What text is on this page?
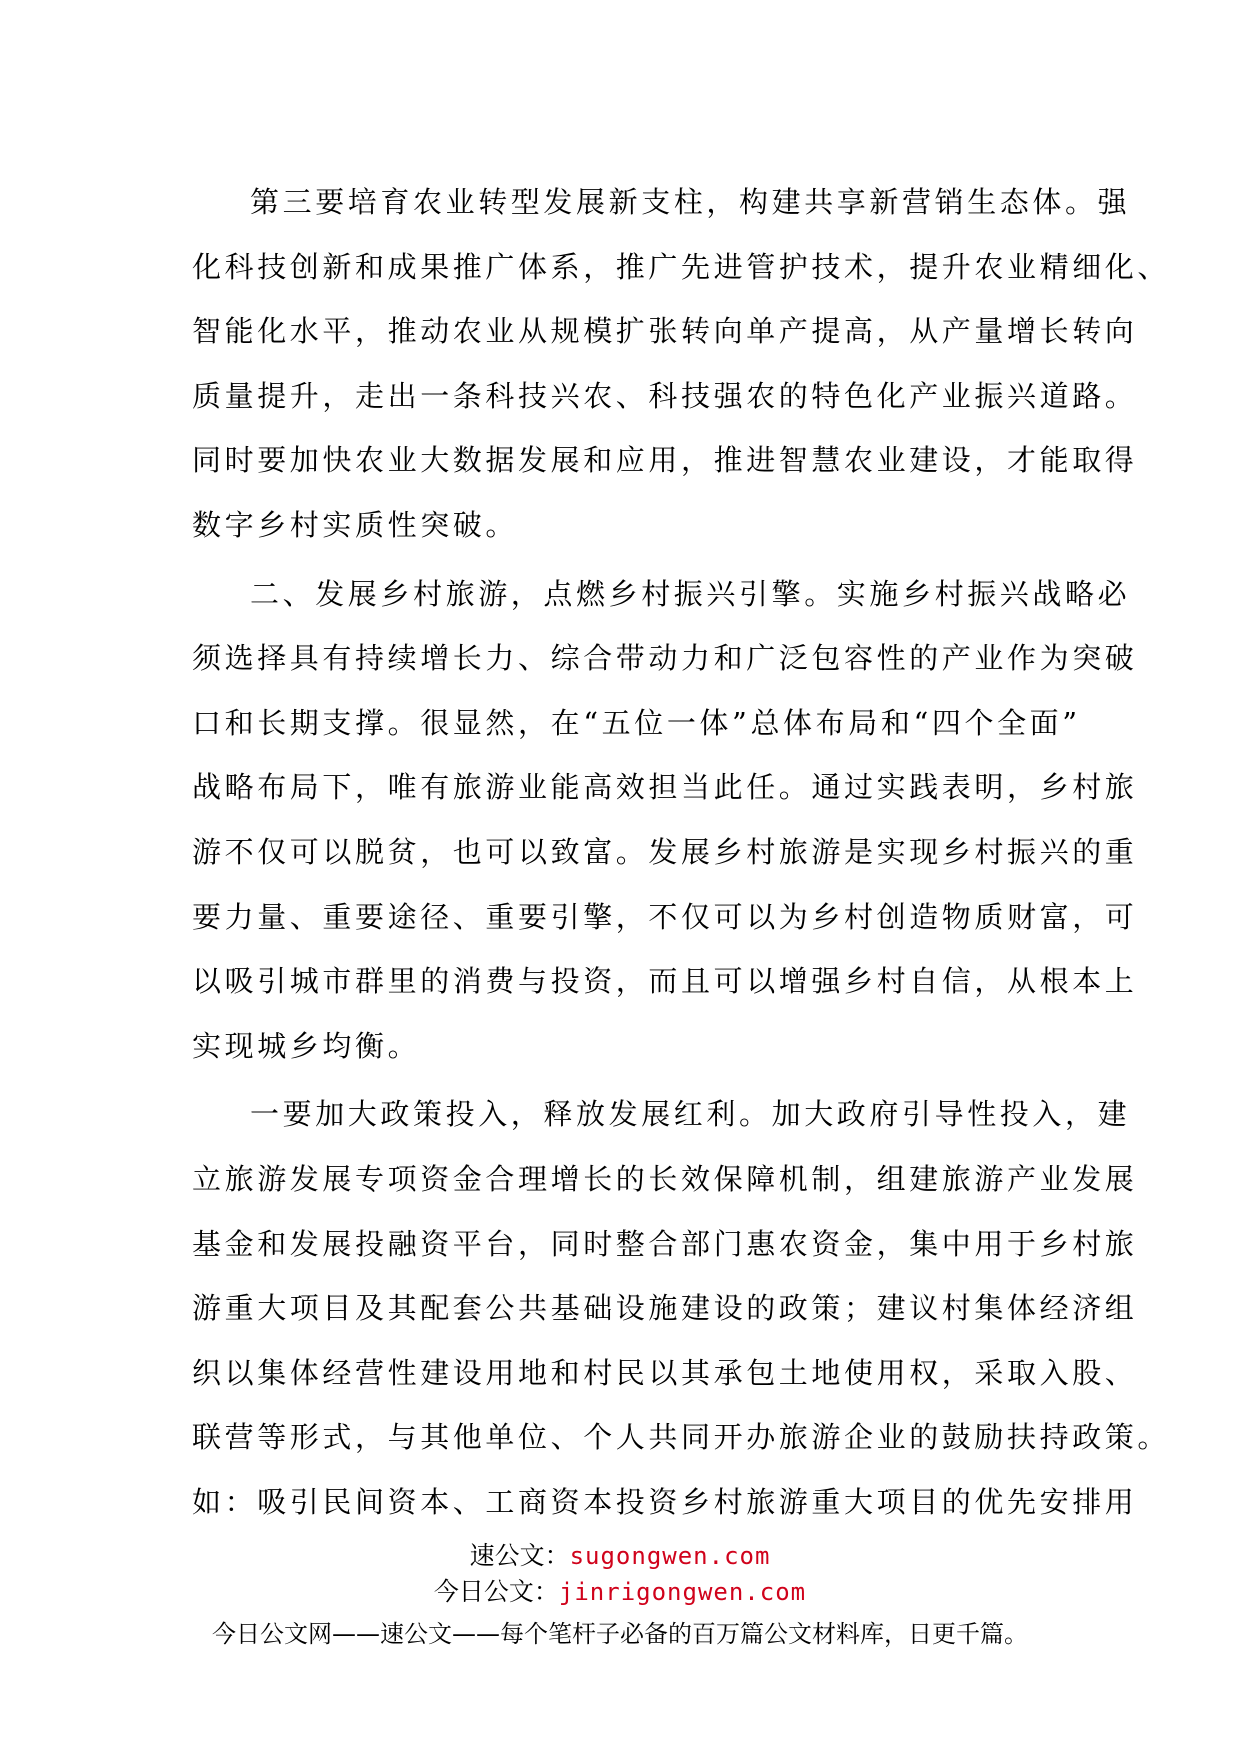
第三要培育农业转型发展新支柱，构建共享新营销生态体。强
化科技创新和成果推广体系，推广先进管护技术，提升农业精细化、
智能化水平，推动农业从规模扩张转向单产提高，从产量增长转向
质量提升，走出一条科技兴农、科技强农的特色化产业振兴道路。
同时要加快农业大数据发展和应用，推进智慧农业建设，才能取得
数字乡村实质性突破。
二、发展乡村旅游，点燃乡村振兴引擎。实施乡村振兴战略必
须选择具有持续增长力、综合带动力和广泛包容性的产业作为突破
口和长期支撑。很显然，在“五位一体”总体布局和“四个全面”
战略布局下，唯有旅游业能高效担当此任。通过实践表明，乡村旅
游不仅可以脱贫，也可以致富。发展乡村旅游是实现乡村振兴的重
要力量、重要途径、重要引擎，不仅可以为乡村创造物质财富，可
以吸引城市群里的消费与投资，而且可以增强乡村自信，从根本上
实现城乡均衡。
一要加大政策投入，释放发展红利。加大政府引导性投入，建
立旅游发展专项资金合理增长的长效保障机制，组建旅游产业发展
基金和发展投融资平台，同时整合部门惠农资金，集中用于乡村旅
游重大项目及其配套公共基础设施建设的政策；建议村集体经济组
织以集体经营性建设用地和村民以其承包土地使用权，采取入股、
联营等形式，与其他单位、个人共同开办旅游企业的鼓励扶持政策。
如：吸引民间资本、工商资本投资乡村旅游重大项目的优先安排用
速公文：sugongwen.com
今日公文：jinrigongwen.com
今日公文网——速公文——每个笔杆子必备的百万篇公文材料库，日更千篇。
